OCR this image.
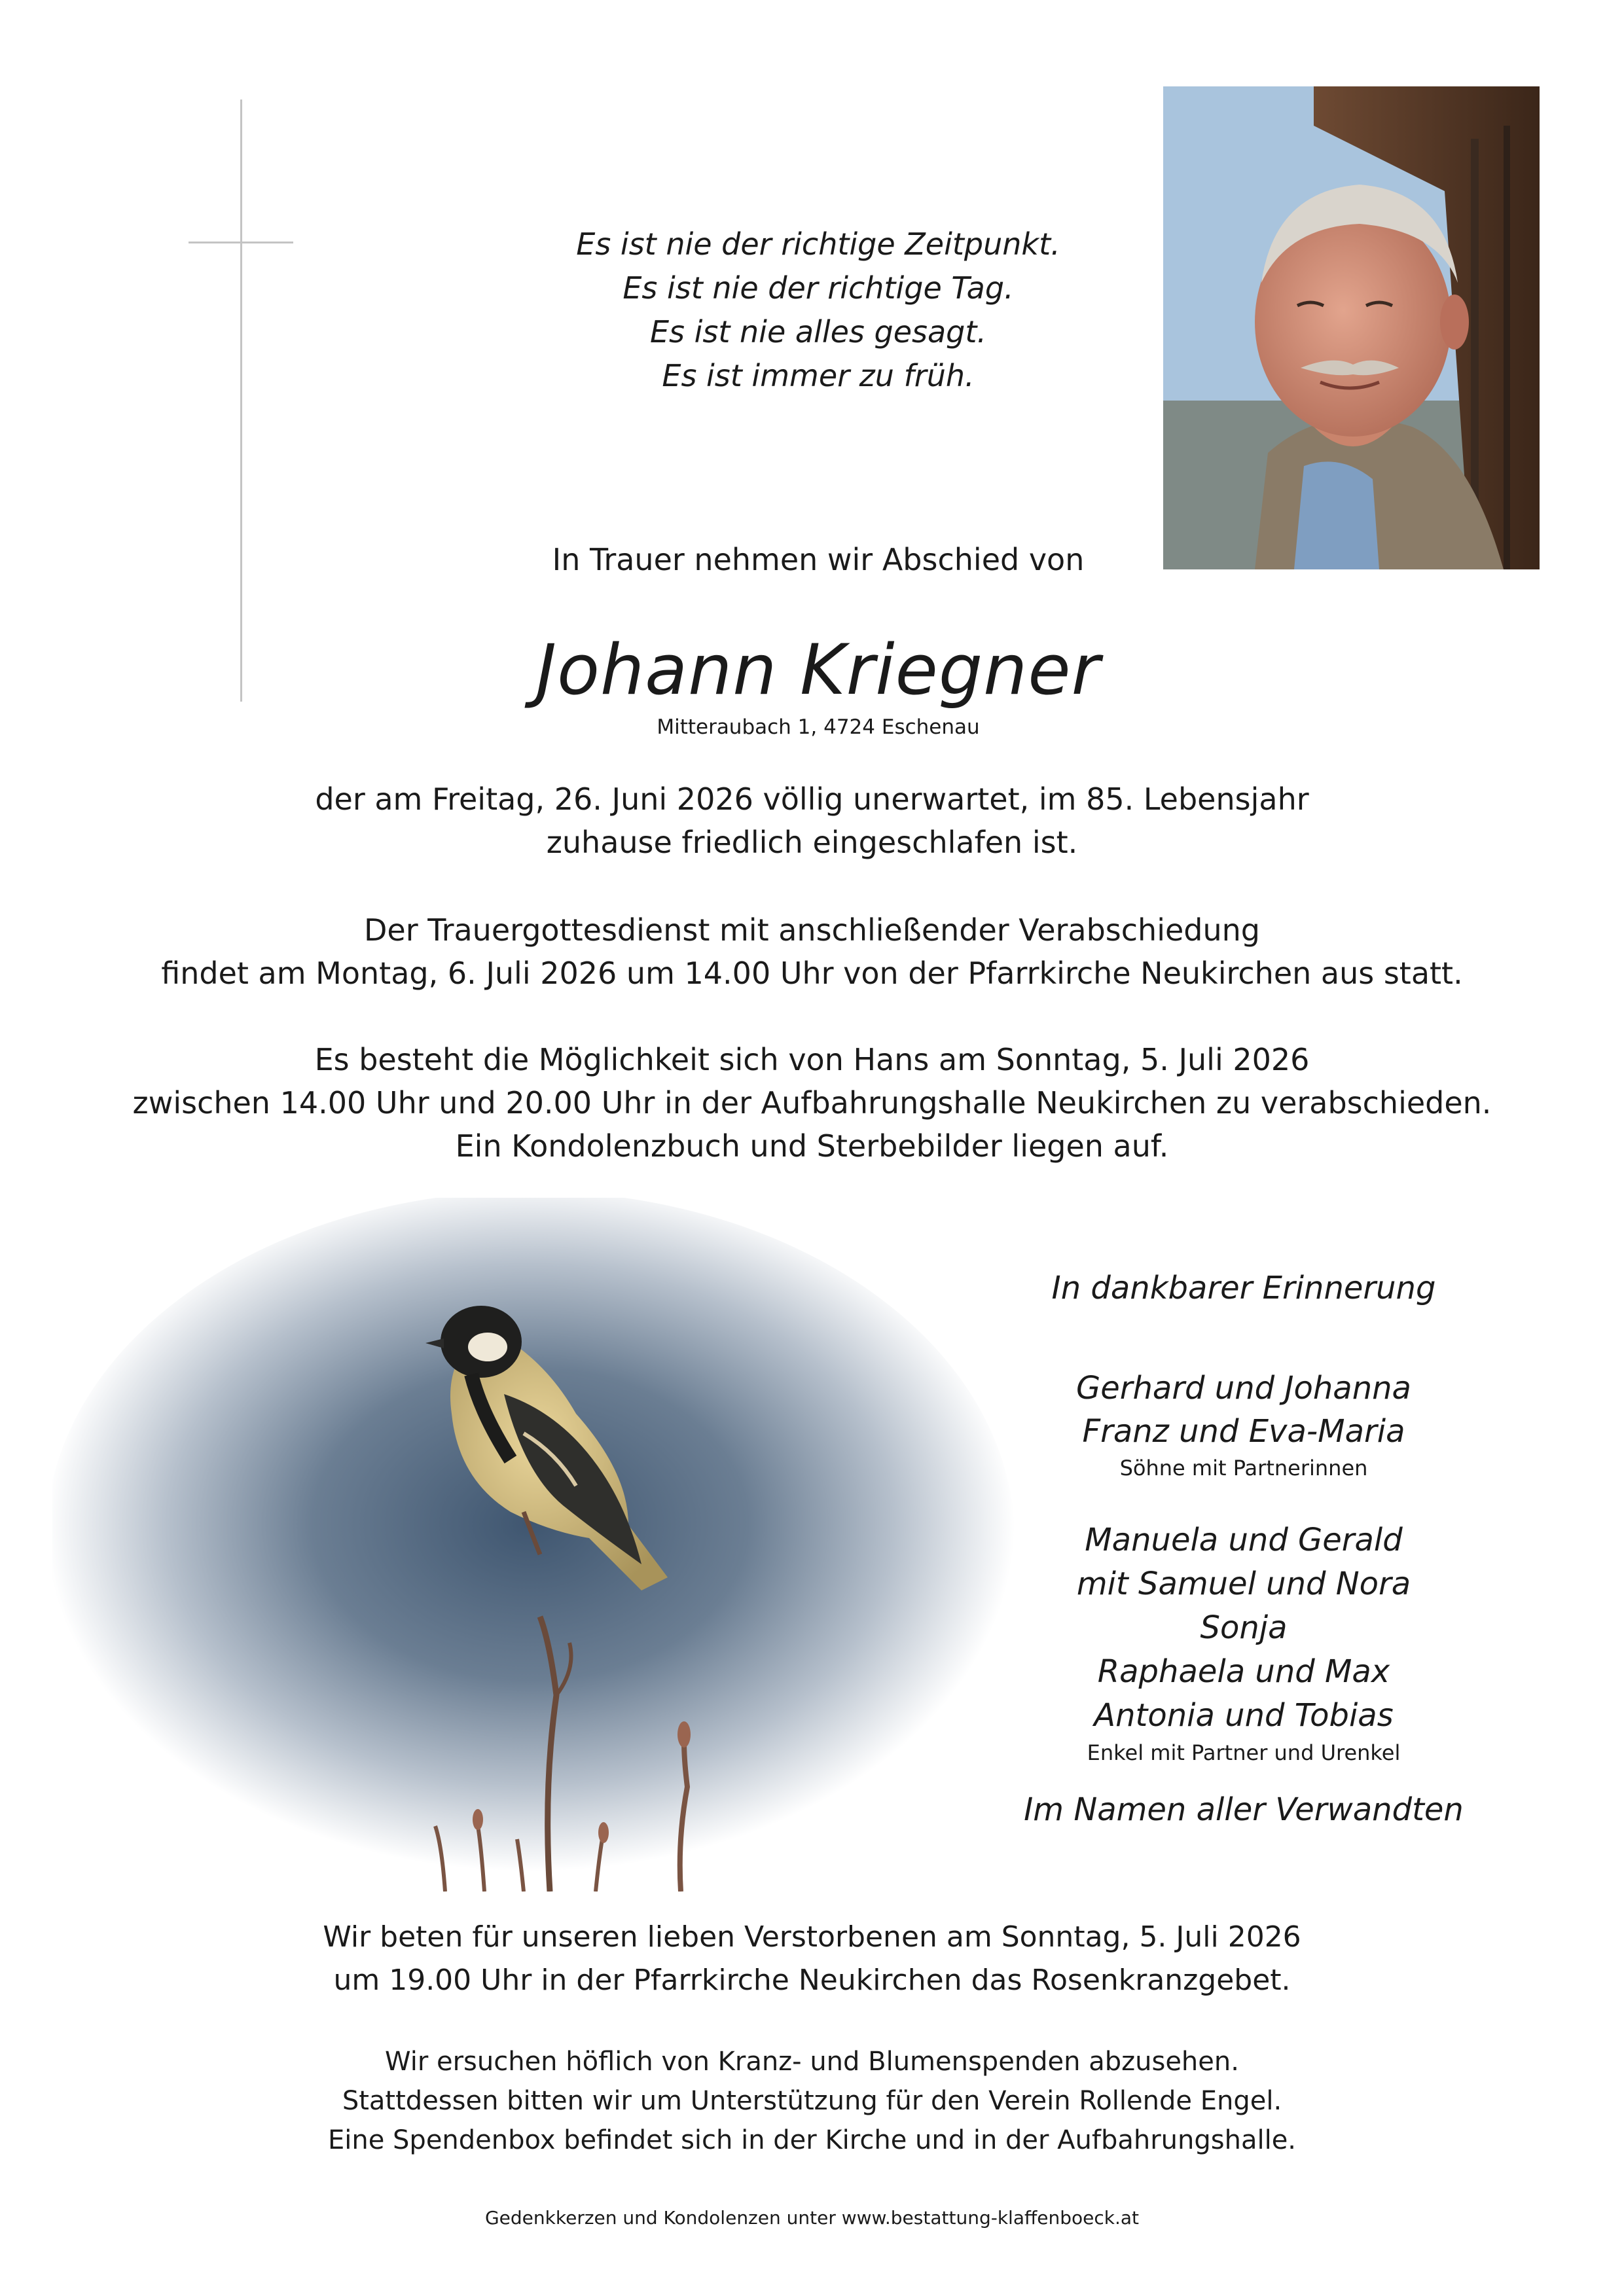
Es ist nie der richtige Zeitpunkt.
Es ist nie der richtige Tag.
Es ist nie alles gesagt.
Es ist immer zu früh.
In Trauer nehmen wir Abschied von
Johann Kriegner
Mitteraubach 1, 4724 Eschenau
der am Freitag, 26. Juni 2026 völlig unerwartet, im 85. Lebensjahr
zuhause friedlich eingeschlafen ist.
Der Trauergottesdienst mit anschließender Verabschiedung
findet am Montag, 6. Juli 2026 um 14.00 Uhr von der Pfarrkirche Neukirchen aus statt.
Es besteht die Möglichkeit sich von Hans am Sonntag, 5. Juli 2026
zwischen 14.00 Uhr und 20.00 Uhr in der Aufbahrungshalle Neukirchen zu verabschieden.
Ein Kondolenzbuch und Sterbebilder liegen auf.
In dankbarer Erinnerung
Gerhard und Johanna
Franz und Eva-Maria
Söhne mit Partnerinnen
Manuela und Gerald
mit Samuel und Nora
Sonja
Raphaela und Max
Antonia und Tobias
Enkel mit Partner und Urenkel
Im Namen aller Verwandten
Wir beten für unseren lieben Verstorbenen am Sonntag, 5. Juli 2026
um 19.00 Uhr in der Pfarrkirche Neukirchen das Rosenkranzgebet.
Wir ersuchen höflich von Kranz- und Blumenspenden abzusehen.
Stattdessen bitten wir um Unterstützung für den Verein Rollende Engel.
Eine Spendenbox befindet sich in der Kirche und in der Aufbahrungshalle.
Gedenkkerzen und Kondolenzen unter www.bestattung-klaffenboeck.at
